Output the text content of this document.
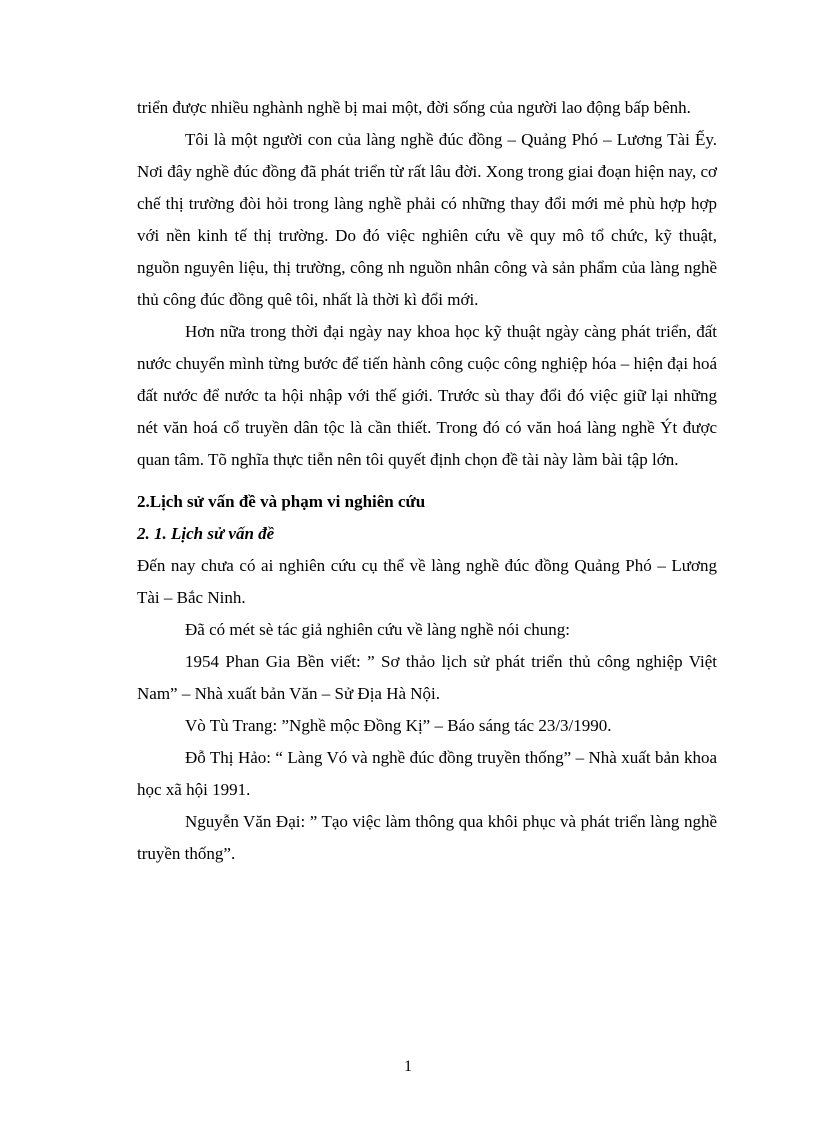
triển được nhiều nghành nghề bị mai một, đời sống của người lao động bấp bênh.

Tôi là một người con của làng nghề đúc đồng – Quảng Phó – Lương Tài Ếy. Nơi đây nghề đúc đồng đã phát triển từ rất lâu đời. Xong trong giai đoạn hiện nay, cơ chế thị trường đòi hỏi trong làng nghề phải có những thay đổi mới mẻ phù hợp hợp với nền kinh tế thị trường. Do đó việc nghiên cứu về quy mô tổ chức, kỹ thuật, nguồn nguyên liệu, thị trường, công nh nguồn nhân công và sản phẩm của làng nghề thủ công đúc đồng quê tôi, nhất là thời kì đổi mới.

Hơn nữa trong thời đại ngày nay khoa học kỹ thuật ngày càng phát triển, đất nước chuyển mình từng bước để tiến hành công cuộc công nghiệp hóa – hiện đại hoá đất nước để nước ta hội nhập với thế giới. Trước sù thay đổi đó việc giữ lại những nét văn hoá cổ truyền dân tộc là cần thiết. Trong đó có văn hoá làng nghề Ýt được quan tâm. Tõ nghĩa thực tiễn nên tôi quyết định chọn đề tài này làm bài tập lớn.

2.Lịch sử vấn đề và phạm vi nghiên cứu
2. 1. Lịch sử vấn đề

Đến nay chưa có ai nghiên cứu cụ thể về làng nghề đúc đồng Quảng Phó – Lương Tài – Bắc Ninh.

Đã có mét sè tác giả nghiên cứu về làng nghề nói chung:

1954 Phan Gia Bền viết: ” Sơ thảo lịch sử phát triển thủ công nghiệp Việt Nam” – Nhà xuất bản Văn – Sử Địa Hà Nội.

Vò Tù Trang: ”Nghề mộc Đồng Kị” – Báo sáng tác 23/3/1990.

Đỗ Thị Hảo: “ Làng Vó và nghề đúc đồng truyền thống” – Nhà xuất bản khoa học xã hội 1991.

Nguyễn Văn Đại: ” Tạo việc làm thông qua khôi phục và phát triển làng nghề truyền thống”.

1
